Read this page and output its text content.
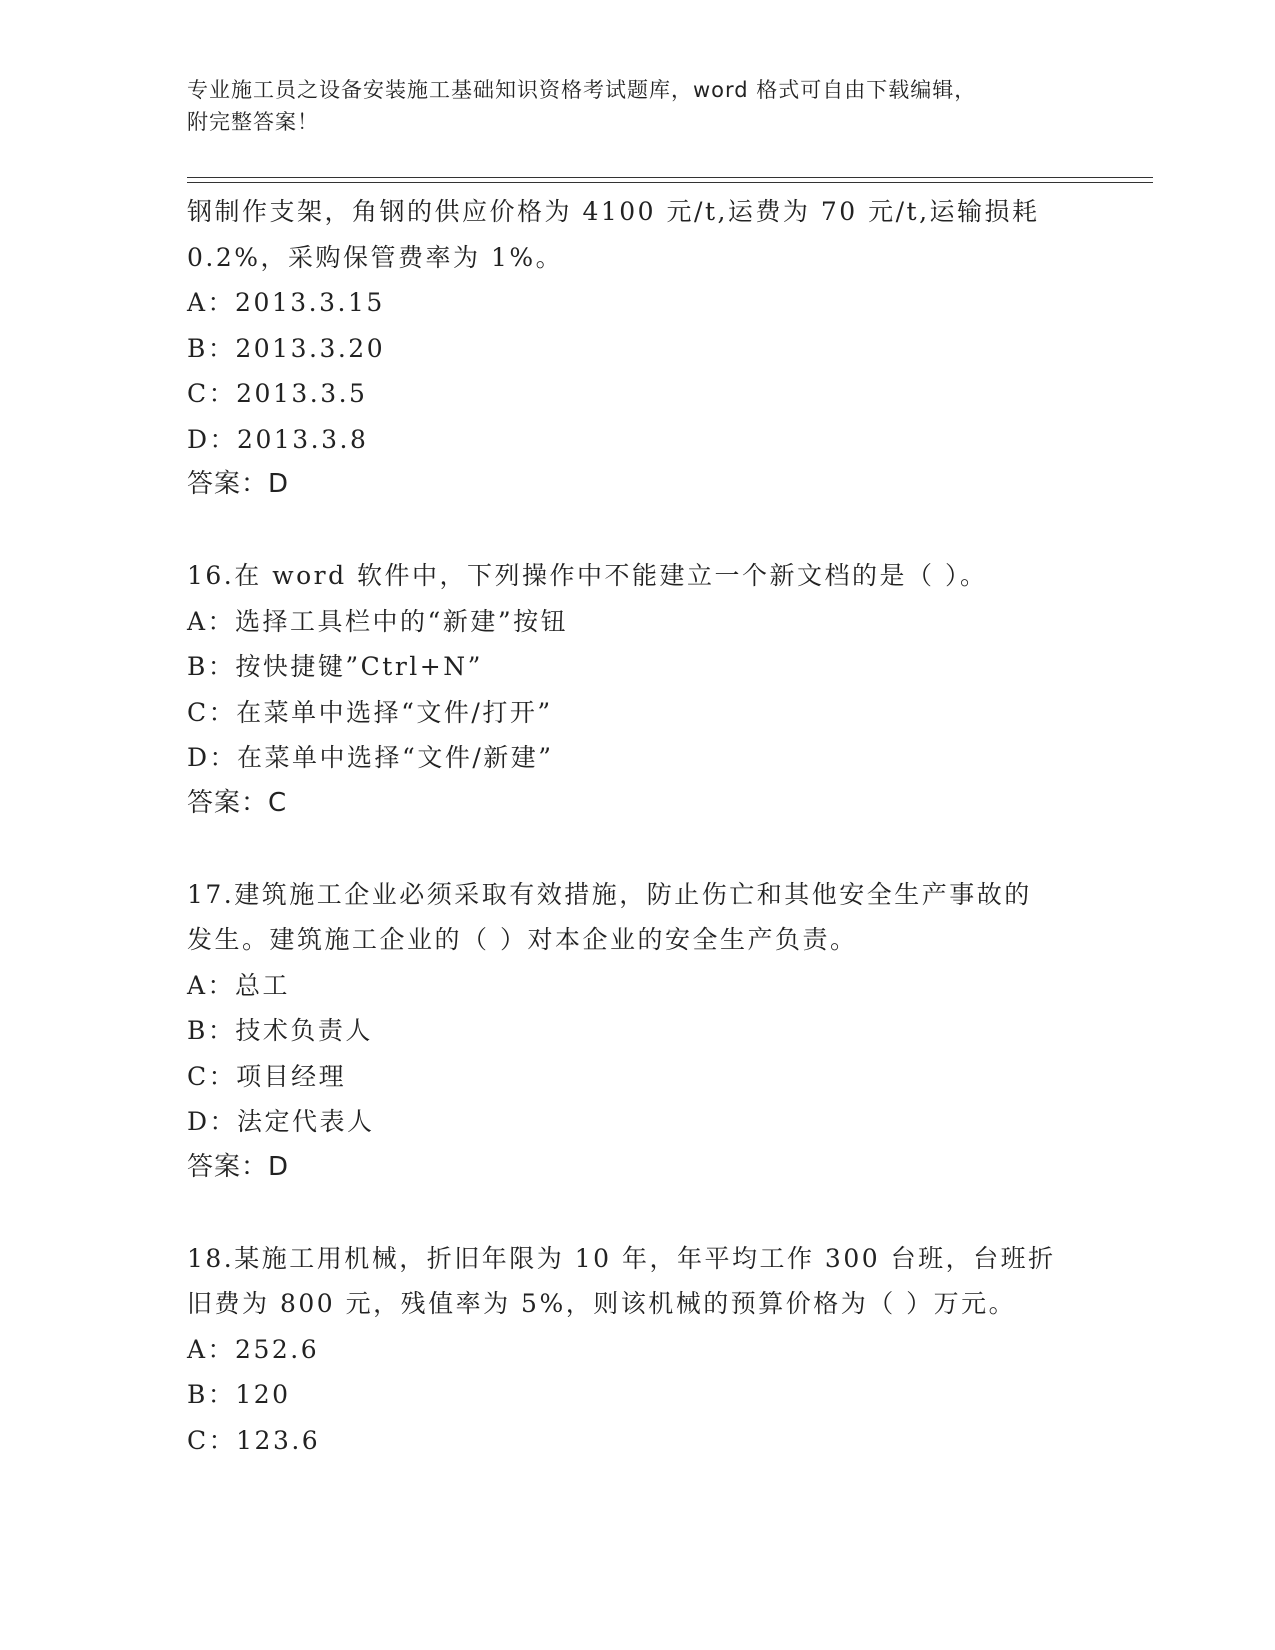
专业施工员之设备安装施工基础知识资格考试题库，word 格式可自由下载编辑，
附完整答案！
钢制作支架，角钢的供应价格为 4100 元/t,运费为 70 元/t,运输损耗
0.2%，采购保管费率为 1%。
A：2013.3.15
B：2013.3.20
C：2013.3.5
D：2013.3.8
答案：D
16.在 word 软件中，下列操作中不能建立一个新文档的是（ ）。
A：选择工具栏中的“新建”按钮
B：按快捷键”Ctrl+N”
C：在菜单中选择“文件/打开”
D：在菜单中选择“文件/新建”
答案：C
17.建筑施工企业必须采取有效措施，防止伤亡和其他安全生产事故的
发生。建筑施工企业的（ ）对本企业的安全生产负责。
A：总工
B：技术负责人
C：项目经理
D：法定代表人
答案：D
18.某施工用机械，折旧年限为 10 年，年平均工作 300 台班，台班折
旧费为 800 元，残值率为 5%，则该机械的预算价格为（ ）万元。
A：252.6
B：120
C：123.6
